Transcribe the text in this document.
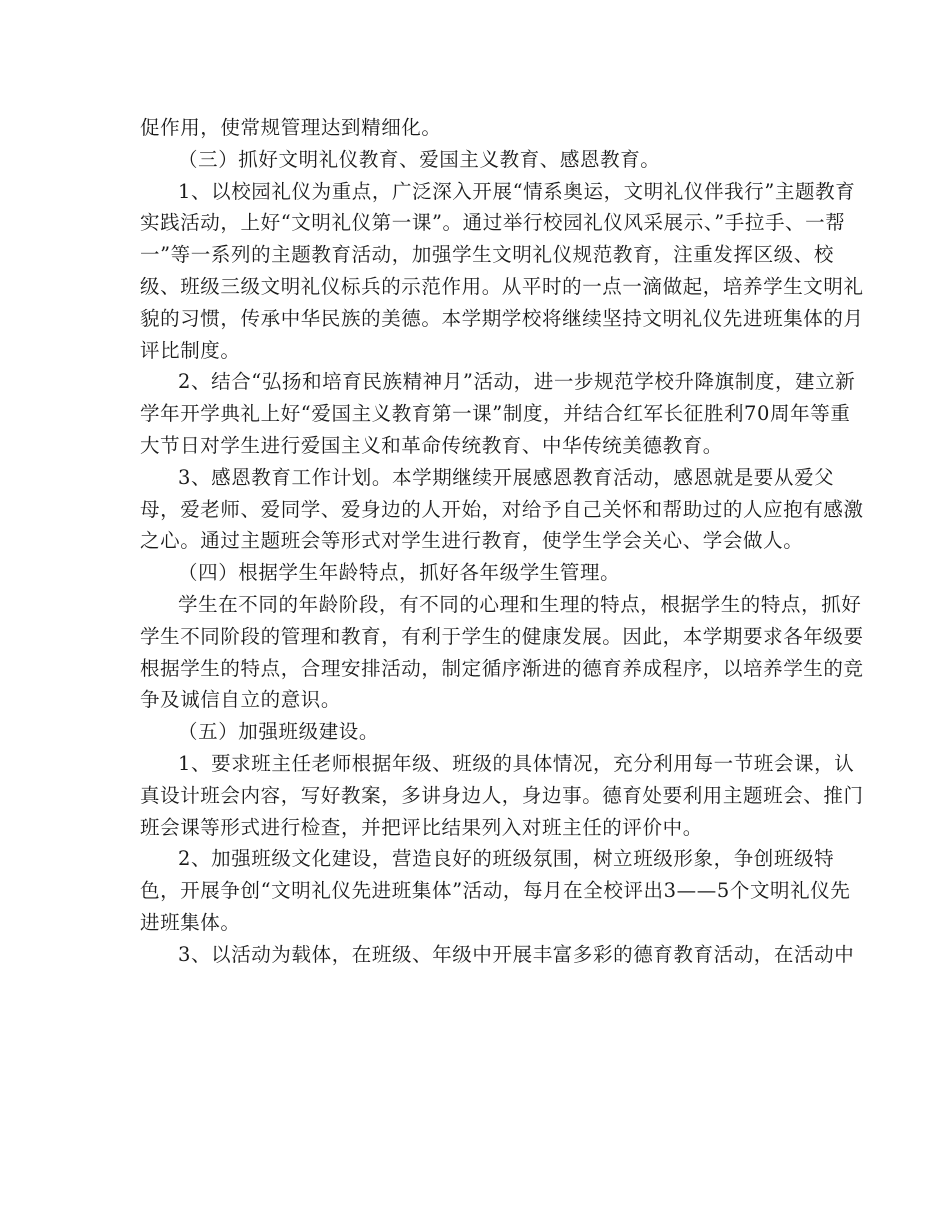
促作用，使常规管理达到精细化。
（三）抓好文明礼仪教育、爱国主义教育、感恩教育。
1、以校园礼仪为重点，广泛深入开展“情系奥运，文明礼仪伴我行”主题教育
实践活动，上好“文明礼仪第一课”。通过举行校园礼仪风采展示、”手拉手、一帮
一”等一系列的主题教育活动，加强学生文明礼仪规范教育，注重发挥区级、校
级、班级三级文明礼仪标兵的示范作用。从平时的一点一滴做起，培养学生文明礼
貌的习惯，传承中华民族的美德。本学期学校将继续坚持文明礼仪先进班集体的月
评比制度。
2、结合“弘扬和培育民族精神月”活动，进一步规范学校升降旗制度，建立新
学年开学典礼上好“爱国主义教育第一课”制度，并结合红军长征胜利70周年等重
大节日对学生进行爱国主义和革命传统教育、中华传统美德教育。
3、感恩教育工作计划。本学期继续开展感恩教育活动，感恩就是要从爱父
母，爱老师、爱同学、爱身边的人开始，对给予自己关怀和帮助过的人应抱有感激
之心。通过主题班会等形式对学生进行教育，使学生学会关心、学会做人。
（四）根据学生年龄特点，抓好各年级学生管理。
学生在不同的年龄阶段，有不同的心理和生理的特点，根据学生的特点，抓好
学生不同阶段的管理和教育，有利于学生的健康发展。因此，本学期要求各年级要
根据学生的特点，合理安排活动，制定循序渐进的德育养成程序，以培养学生的竞
争及诚信自立的意识。
（五）加强班级建设。
1、要求班主任老师根据年级、班级的具体情况，充分利用每一节班会课，认
真设计班会内容，写好教案，多讲身边人，身边事。德育处要利用主题班会、推门
班会课等形式进行检查，并把评比结果列入对班主任的评价中。
2、加强班级文化建设，营造良好的班级氛围，树立班级形象，争创班级特
色，开展争创“文明礼仪先进班集体”活动，每月在全校评出3——5个文明礼仪先
进班集体。
3、以活动为载体，在班级、年级中开展丰富多彩的德育教育活动，在活动中
